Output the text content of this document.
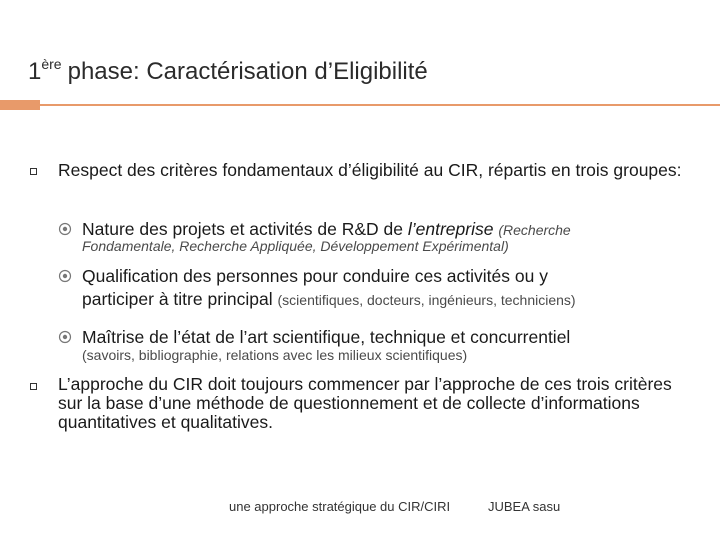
1ère phase: Caractérisation d’Eligibilité
Respect des critères fondamentaux d’éligibilité au CIR, répartis en trois groupes:
Nature des projets et activités de R&D de l’entreprise (Recherche
Fondamentale, Recherche Appliquée, Développement Expérimental)
Qualification des personnes pour conduire ces activités ou y
participer à titre principal (scientifiques, docteurs, ingénieurs, techniciens)
Maîtrise de l’état de l’art scientifique, technique et concurrentiel
(savoirs, bibliographie, relations avec les milieux scientifiques)
L’approche du CIR doit toujours commencer par l’approche de ces trois critères sur la base d’une méthode de questionnement et de collecte d’informations quantitatives et qualitatives.
une approche stratégique du CIR/CIRI	JUBEA sasu
